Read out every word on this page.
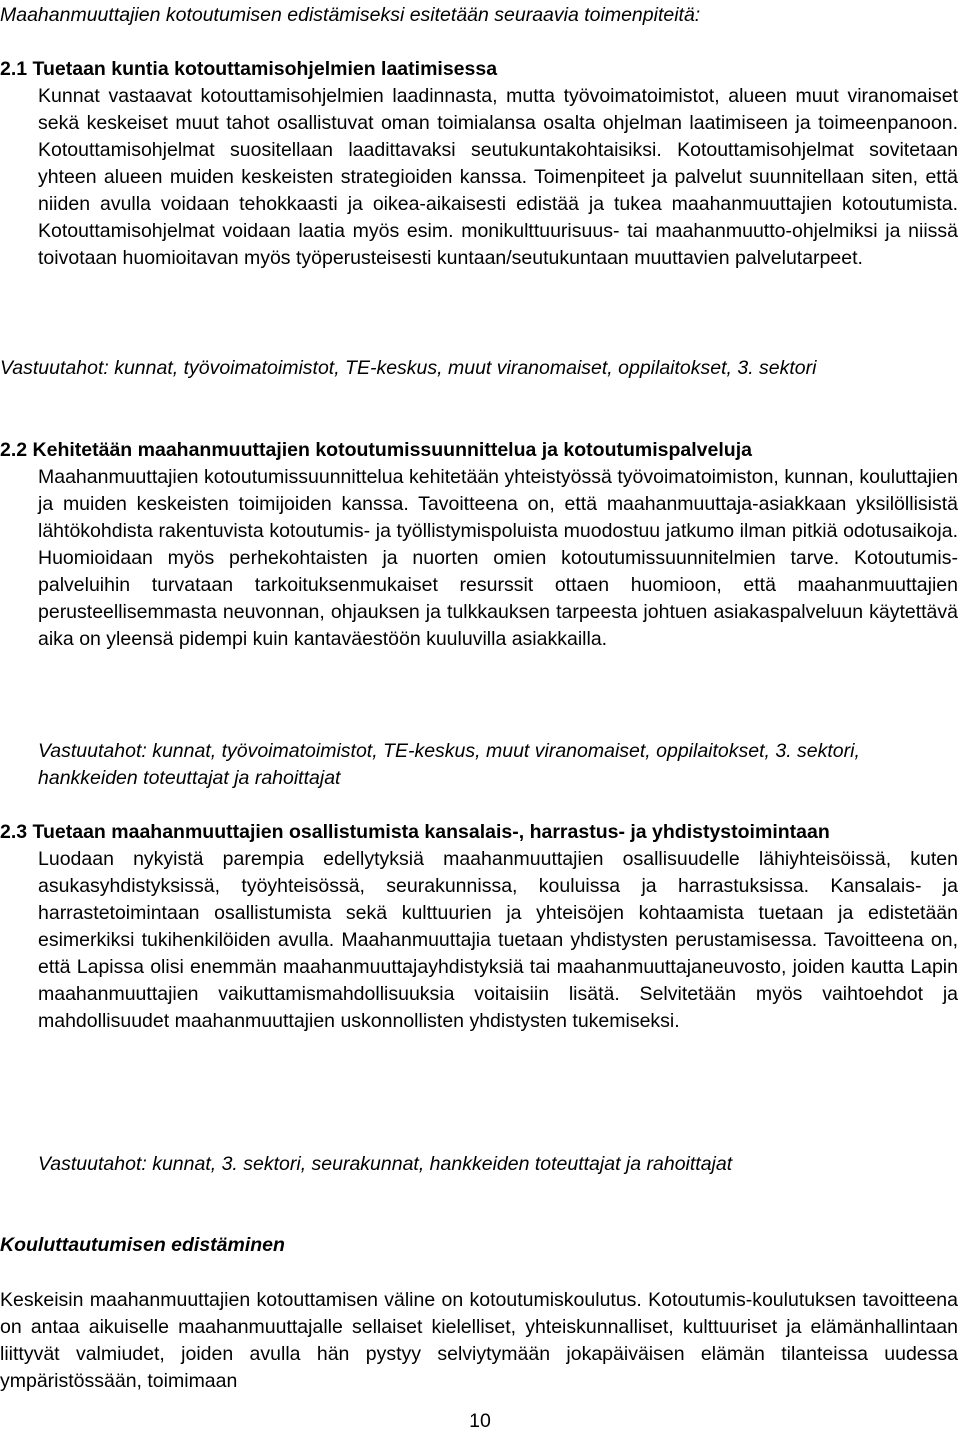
Maahanmuuttajien kotoutumisen edistämiseksi esitetään seuraavia toimenpiteitä:

2.1 Tuetaan kuntia kotouttamisohjelmien laatimisessa

Kunnat vastaavat kotouttamisohjelmien laadinnasta, mutta työvoimatoimistot, alueen muut viranomaiset sekä keskeiset muut tahot osallistuvat oman toimialansa osalta ohjelman laatimiseen ja toimeenpanoon. Kotouttamisohjelmat suositellaan laadittavaksi seutukuntakohtaisiksi. Kotouttamisohjelmat sovitetaan yhteen alueen muiden keskeisten strategioiden kanssa. Toimenpiteet ja palvelut suunnitellaan siten, että niiden avulla voidaan tehokkaasti ja oikea-aikaisesti edistää ja tukea maahanmuuttajien kotoutumista. Kotouttamisohjelmat voidaan laatia myös esim. monikulttuurisuus- tai maahanmuutto-ohjelmiksi ja niissä toivotaan huomioitavan myös työperusteisesti kuntaan/seutukuntaan muuttavien palvelutarpeet.

Vastuutahot: kunnat, työvoimatoimistot, TE-keskus, muut viranomaiset, oppilaitokset, 3. sektori

2.2 Kehitetään maahanmuuttajien kotoutumissuunnittelua ja kotoutumispalveluja

Maahanmuuttajien kotoutumissuunnittelua kehitetään yhteistyössä työvoimatoimiston, kunnan, kouluttajien ja muiden keskeisten toimijoiden kanssa. Tavoitteena on, että maahanmuuttaja-asiakkaan yksilöllisistä lähtökohdista rakentuvista kotoutumis- ja työllistymispoluista muodostuu jatkumo ilman pitkiä odotusaikoja. Huomioidaan myös perhekohtaisten ja nuorten omien kotoutumissuunnitelmien tarve. Kotoutumis-palveluihin turvataan tarkoituksenmukaiset resurssit ottaen huomioon, että maahanmuuttajien perusteellisemmasta neuvonnan, ohjauksen ja tulkkauksen tarpeesta johtuen asiakaspalveluun käytettävä aika on yleensä pidempi kuin kantaväestöön kuuluvilla asiakkailla.

Vastuutahot: kunnat, työvoimatoimistot, TE-keskus, muut viranomaiset, oppilaitokset, 3. sektori, hankkeiden toteuttajat ja rahoittajat

2.3 Tuetaan maahanmuuttajien osallistumista kansalais-, harrastus- ja yhdistystoimintaan

Luodaan nykyistä parempia edellytyksiä maahanmuuttajien osallisuudelle lähiyhteisöissä, kuten asukasyhdistyksissä, työyhteisössä, seurakunnissa, kouluissa ja harrastuksissa. Kansalais- ja harrastetoimintaan osallistumista sekä kulttuurien ja yhteisöjen kohtaamista tuetaan ja edistetään esimerkiksi tukihenkilöiden avulla. Maahanmuuttajia tuetaan yhdistysten perustamisessa. Tavoitteena on, että Lapissa olisi enemmän maahanmuuttajayhdistyksiä tai maahanmuuttajaneuvosto, joiden kautta Lapin maahanmuuttajien vaikuttamismahdollisuuksia voitaisiin lisätä. Selvitetään myös vaihtoehdot ja mahdollisuudet maahanmuuttajien uskonnollisten yhdistysten tukemiseksi.

Vastuutahot: kunnat, 3. sektori, seurakunnat, hankkeiden toteuttajat ja rahoittajat

Kouluttautumisen edistäminen

Keskeisin maahanmuuttajien kotouttamisen väline on kotoutumiskoulutus. Kotoutumis-koulutuksen tavoitteena on antaa aikuiselle maahanmuuttajalle sellaiset kielelliset, yhteiskunnalliset, kulttuuriset ja elämänhallintaan liittyvät valmiudet, joiden avulla hän pystyy selviytymään jokapäiväisen elämän tilanteissa uudessa ympäristössään, toimimaan

10
